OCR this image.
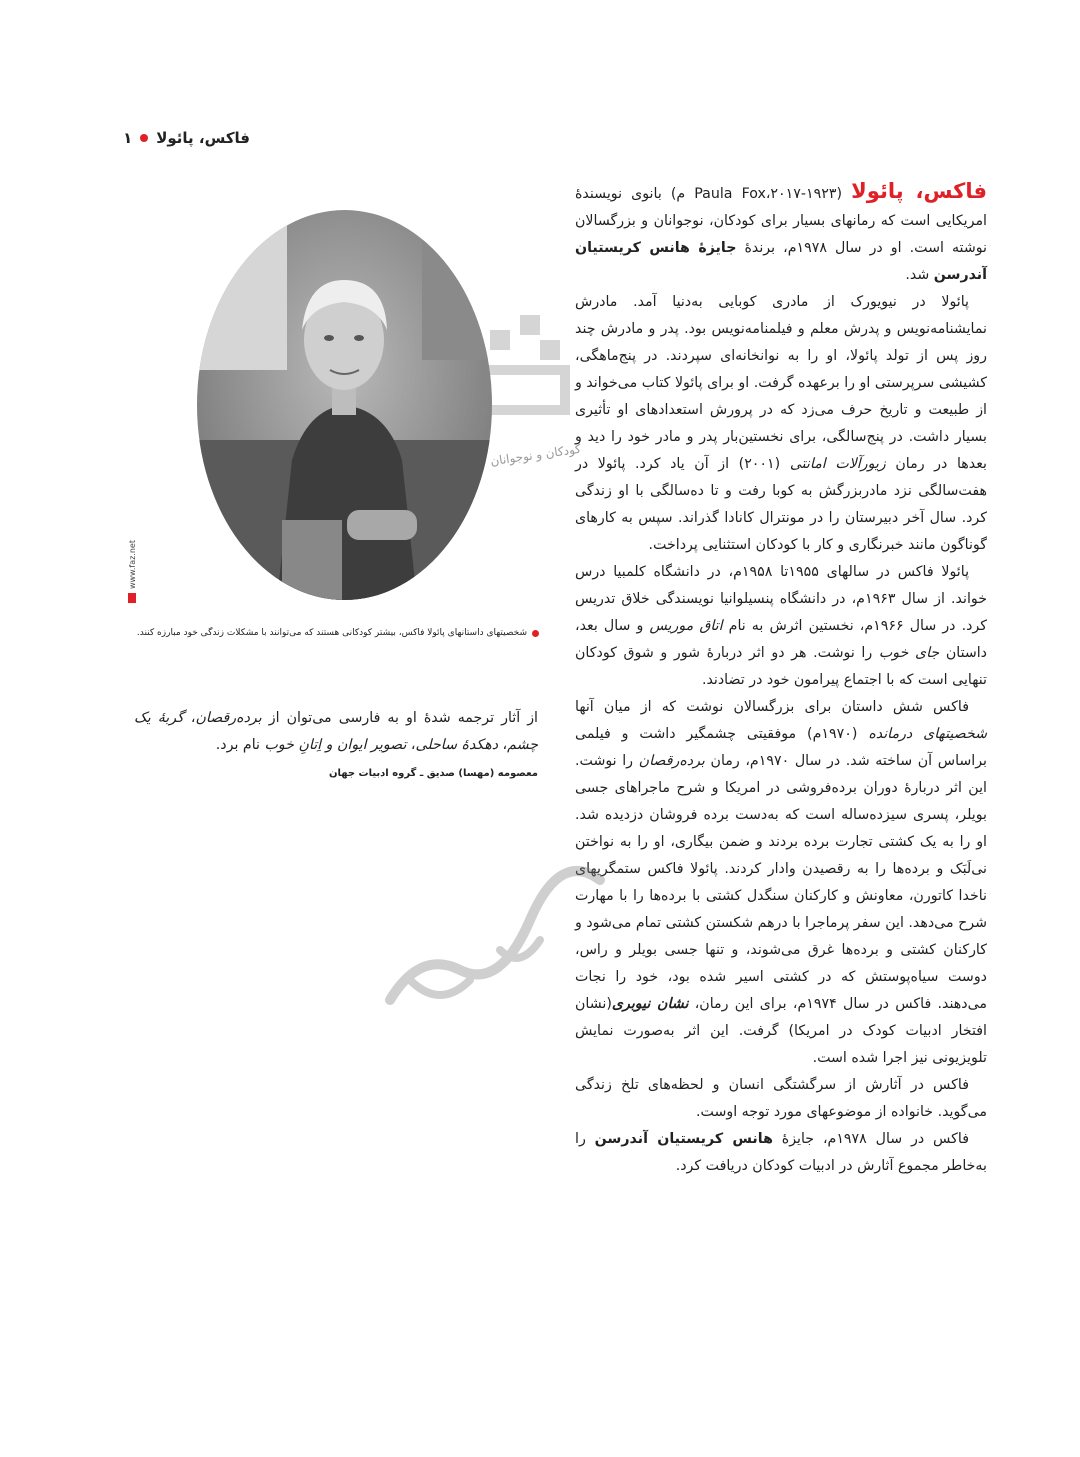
فاکس، پائولا
۱

فاکس، پائولا (Paula Fox،۲۰۱۷-۱۹۲۳ م) بانوی نویسندهٔ امریکایی است که رمانهای بسیار برای کودکان، نوجوانان و بزرگسالان نوشته است. او در سال ۱۹۷۸م، برندهٔ جایزهٔ هانس کریستیان آندرسن شد.

پائولا در نیویورک از مادری کوبایی به‌دنیا آمد. مادرش نمایشنامه‌نویس و پدرش معلم و فیلمنامه‌نویس بود. پدر و مادرش چند روز پس از تولد پائولا، او را به نوانخانه‌ای سپردند. در پنج‌ماهگی، کشیشی سرپرستی او را برعهده گرفت. او برای پائولا کتاب می‌خواند و از طبیعت و تاریخ حرف می‌زد که در پرورش استعدادهای او تأثیری بسیار داشت. در پنج‌سالگی، برای نخستین‌بار پدر و مادر خود را دید و بعدها در رمان زیورآلات امانتی (۲۰۰۱) از آن یاد کرد. پائولا در هفت‌سالگی نزد مادربزرگش به کوبا رفت و تا ده‌سالگی با او زندگی کرد. سال آخر دبیرستان را در مونترال کانادا گذراند. سپس به کارهای گوناگون مانند خبرنگاری و کار با کودکان استثنایی پرداخت.

پائولا فاکس در سالهای ۱۹۵۵تا ۱۹۵۸م، در دانشگاه کلمبیا درس خواند. از سال ۱۹۶۳م، در دانشگاه پنسیلوانیا نویسندگی خلاق تدریس کرد. در سال ۱۹۶۶م، نخستین اثرش به نام اتاق موریس و سال بعد، داستان جای خوب را نوشت. هر دو اثر دربارهٔ شور و شوق کودکان تنهایی است که با اجتماع پیرامون خود در تضادند.

فاکس شش داستان برای بزرگسالان نوشت که از میان آنها شخصیتهای درمانده (۱۹۷۰م) موفقیتی چشمگیر داشت و فیلمی براساس آن ساخته شد. در سال ۱۹۷۰م، رمان برده‌رقصان را نوشت. این اثر دربارهٔ دوران برده‌فروشی در امریکا و شرح ماجراهای جسی بویلر، پسری سیزده‌ساله است که به‌دست برده فروشان دزدیده شد. او را به یک کشتی تجارت برده بردند و ضمن بیگاری، او را به نواختن نی‌لَبَک و برده‌ها را به رقصیدن وادار کردند. پائولا فاکس ستمگریهای ناخدا کاتورن، معاونش و کارکنان سنگدل کشتی با برده‌ها را با مهارت شرح می‌دهد. این سفر پرماجرا با درهم شکستن کشتی تمام می‌شود و کارکنان کشتی و برده‌ها غرق می‌شوند، و تنها جسی بویلر و راس، دوست سیاه‌پوستش که در کشتی اسیر شده بود، خود را نجات می‌دهند. فاکس در سال ۱۹۷۴م، برای این رمان، نشان نیوبری(نشان افتخار ادبیات کودک در امریکا) گرفت. این اثر به‌صورت نمایش تلویزیونی نیز اجرا شده است.

فاکس در آثارش از سرگشتگی انسان و لحظه‌های تلخ زندگی می‌گوید. خانواده از موضوعهای مورد توجه اوست.

فاکس در سال ۱۹۷۸م، جایزهٔ هانس کریستیان آندرسن را به‌خاطر مجموع آثارش در ادبیات کودکان دریافت کرد.

www.faz.net
شخصیتهای داستانهای پائولا فاکس، بیشتر کودکانی هستند که می‌توانند با مشکلات زندگی خود مبارزه کنند.
از آثار ترجمه شدهٔ او به فارسی می‌توان از برده‌رقصان، گربهٔ یک چشم، دهکدهٔ ساحلی، تصویر ایوان و اِتانِ خوب نام برد.
معصومه (مهسا) صدیق ـ گروه ادبیات جهان
کودکان و نوجوانان
